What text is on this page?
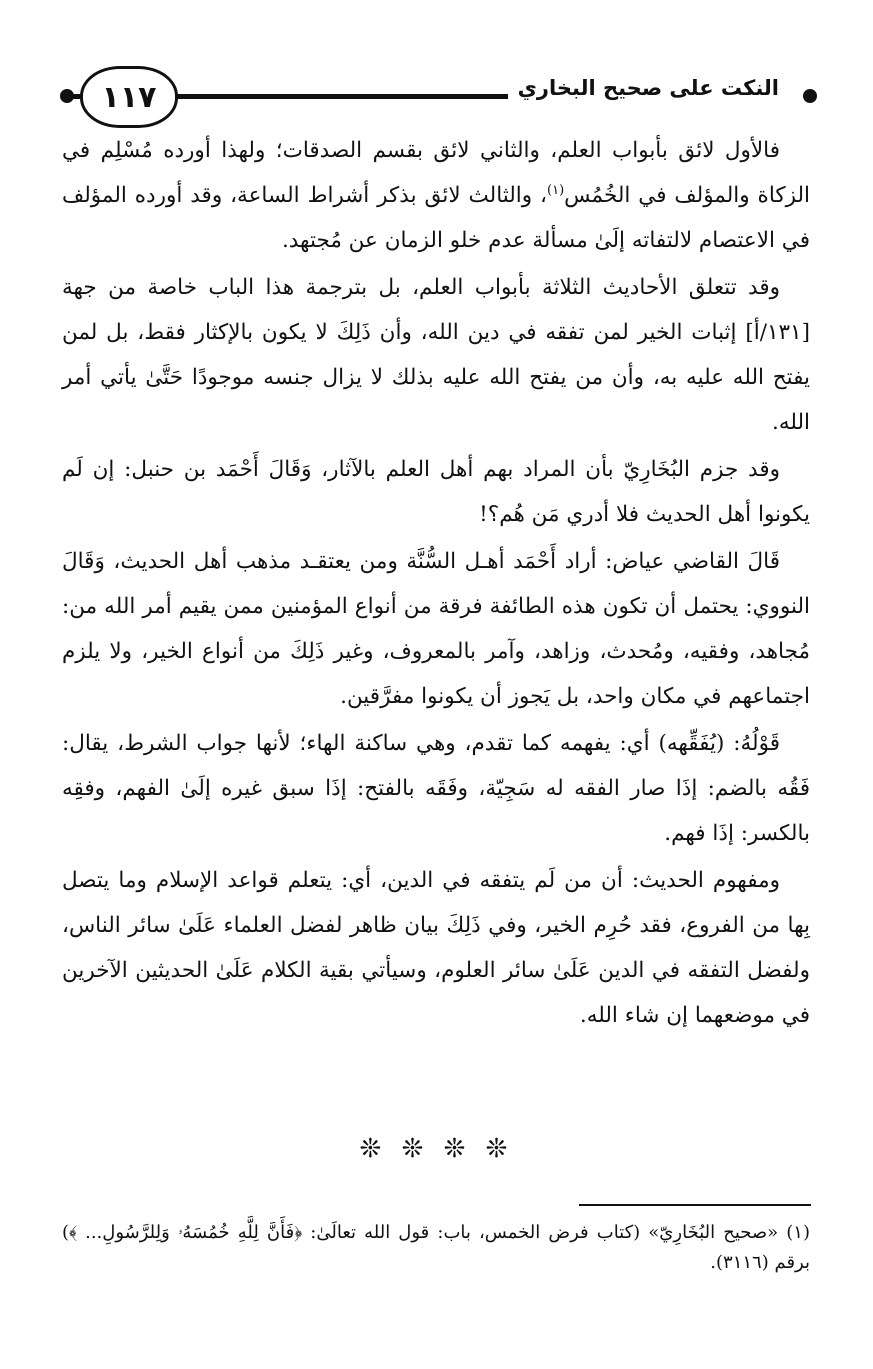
١١٧	النكت على صحيح البخاري

فالأول لائق بأبواب العلم، والثاني لائق بقسم الصدقات؛ ولهذا أورده مُسْلِم في الزكاة والمؤلف في الخُمُس$^{(١)}$، والثالث لائق بذكر أشراط الساعة، وقد أورده المؤلف في الاعتصام لالتفاته إلَىٰ مسألة عدم خلو الزمان عن مُجتهد.

وقد تتعلق الأحاديث الثلاثة بأبواب العلم، بل بترجمة هذا الباب خاصة من جهة [١٣١/أ] إثبات الخير لمن تفقه في دين الله، وأن ذَلِكَ لا يكون بالإكثار فقط، بل لمن يفتح الله عليه به، وأن من يفتح الله عليه بذلك لا يزال جنسه موجودًا حَتَّىٰ يأتي أمر الله.

وقد جزم البُخَارِيّ بأن المراد بهم أهل العلم بالآثار، وَقَالَ أَحْمَد بن حنبل: إن لَم يكونوا أهل الحديث فلا أدري مَن هُم؟!

قَالَ القاضي عياض: أراد أَحْمَد أهـل السُّنَّة ومن يعتقـد مذهب أهل الحديث، وَقَالَ النووي: يحتمل أن تكون هذه الطائفة فرقة من أنواع المؤمنين ممن يقيم أمر الله من: مُجاهد، وفقيه، ومُحدث، وزاهد، وآمر بالمعروف، وغير ذَلِكَ من أنواع الخير، ولا يلزم اجتماعهم في مكان واحد، بل يَجوز أن يكونوا مفرَّقين.

قَوْلُهُ: (يُفَقِّهه) أي: يفهمه كما تقدم، وهي ساكنة الهاء؛ لأنها جواب الشرط، يقال: فَقُه بالضم: إذَا صار الفقه له سَجِيّة، وفَقَه بالفتح: إذَا سبق غيره إلَىٰ الفهم، وفقِه بالكسر: إذَا فهم.

ومفهوم الحديث: أن من لَم يتفقه في الدين، أي: يتعلم قواعد الإسلام وما يتصل بِها من الفروع، فقد حُرِم الخير، وفي ذَلِكَ بيان ظاهر لفضل العلماء عَلَىٰ سائر الناس، ولفضل التفقه في الدين عَلَىٰ سائر العلوم، وسيأتي بقية الكلام عَلَىٰ الحديثين الآخرين في موضعهما إن شاء الله.

❊ ❊ ❊ ❊

(١) «صحيح البُخَارِيّ» (كتاب فرض الخمس، باب: قول الله تعالَىٰ: ﴿فَأَنَّ لِلَّهِ خُمُسَهُۥ وَلِلرَّسُولِ... ﴾) برقم (٣١١٦).
